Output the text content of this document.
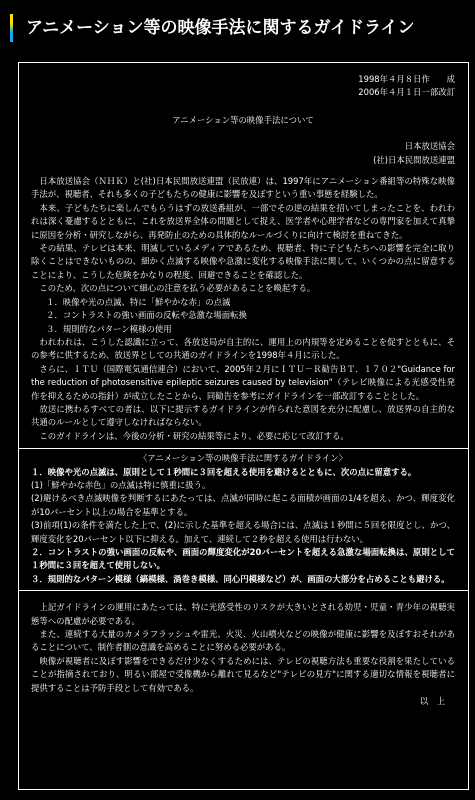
アニメーション等の映像手法に関するガイドライン
1998年４月８日作　　成
2006年４月１日一部改訂
アニメーション等の映像手法について
日本放送協会
(社)日本民間放送連盟

日本放送協会（ＮＨＫ）と(社)日本民間放送連盟（民放連）は、1997年にアニメーション番組等の特殊な映像手法が、視聴者、それも多くの子どもたちの健康に影響を及ぼすという重い事態を経験した。

本来、子どもたちに楽しんでもらうはずの放送番組が、一部でその逆の結果を招いてしまったことを、われわれは深く憂慮するとともに、これを放送界全体の問題として捉え、医学者や心理学者などの専門家を加えて真摯に原因を分析・研究しながら、再発防止のための具体的なルールづくりに向けて検討を重ねてきた。

その結果、テレビは本来、明滅しているメディアであるため、視聴者、特に子どもたちへの影響を完全に取り除くことはできないものの、細かく点滅する映像や急激に変化する映像手法に関して、いくつかの点に留意することにより、こうした危険をかなりの程度、回避できることを確認した。

このため、次の点について細心の注意を払う必要があることを喚起する。

１．映像や光の点滅、特に「鮮やかな赤」の点滅

２．コントラストの強い画面の反転や急激な場面転換

３．規則的なパターン模様の使用

われわれは、こうした認識に立って、各放送局が自主的に、運用上の内規等を定めることを促すとともに、その参考に供するため、放送界としての共通のガイドラインを1998年４月に示した。

さらに、ＩＴＵ（国際電気通信連合）において、2005年２月にＩＴＵ－Ｒ勧告ＢＴ．１７０２"Guidance for the reduction of photosensitive epileptic seizures caused by television"（テレビ映像による光感受性発作を抑えるための指針）が成立したことから、同勧告を参考にガイドラインを一部改訂することとした。

放送に携わるすべての者は、以下に提示するガイドラインが作られた意図を充分に配慮し、放送界の自主的な共通のルールとして遵守しなければならない。

このガイドラインは、今後の分析・研究の結果等により、必要に応じて改訂する。

〈アニメーション等の映像手法に関するガイドライン〉

１．映像や光の点滅は、原則として１秒間に３回を超える使用を避けるとともに、次の点に留意する。

(1)「鮮やかな赤色」の点滅は特に慎重に扱う。

(2)避けるべき点滅映像を判断するにあたっては、点滅が同時に起こる面積が画面の1/4を超え、かつ、輝度変化が10パーセント以上の場合を基準とする。

(3)前項(1)の条件を満たした上で、(2)に示した基準を超える場合には、点滅は１秒間に５回を限度とし、かつ、輝度変化を20パーセント以下に抑える。加えて、連続して２秒を超える使用は行わない。

２．コントラストの強い画面の反転や、画面の輝度変化が20パーセントを超える急激な場面転換は、原則として１秒間に３回を超えて使用しない。

３．規則的なパターン模様（縞模様、渦巻き模様、同心円模様など）が、画面の大部分を占めることも避ける。

上記ガイドラインの運用にあたっては、特に光感受性のリスクが大きいとされる幼児・児童・青少年の視聴実態等への配慮が必要である。

また、連続する大量のカメラフラッシュや雷光、火災、火山噴火などの映像が健康に影響を及ぼすおそれがあることについて、制作者側の意識を高めることに努める必要がある。

映像が視聴者に及ぼす影響をできるだけ少なくするためには、テレビの視聴方法も重要な役割を果たしていることが指摘されており、明るい部屋で受像機から離れて見るなど"テレビの見方"に関する適切な情報を視聴者に提供することは予防手段として有効である。

以　上
